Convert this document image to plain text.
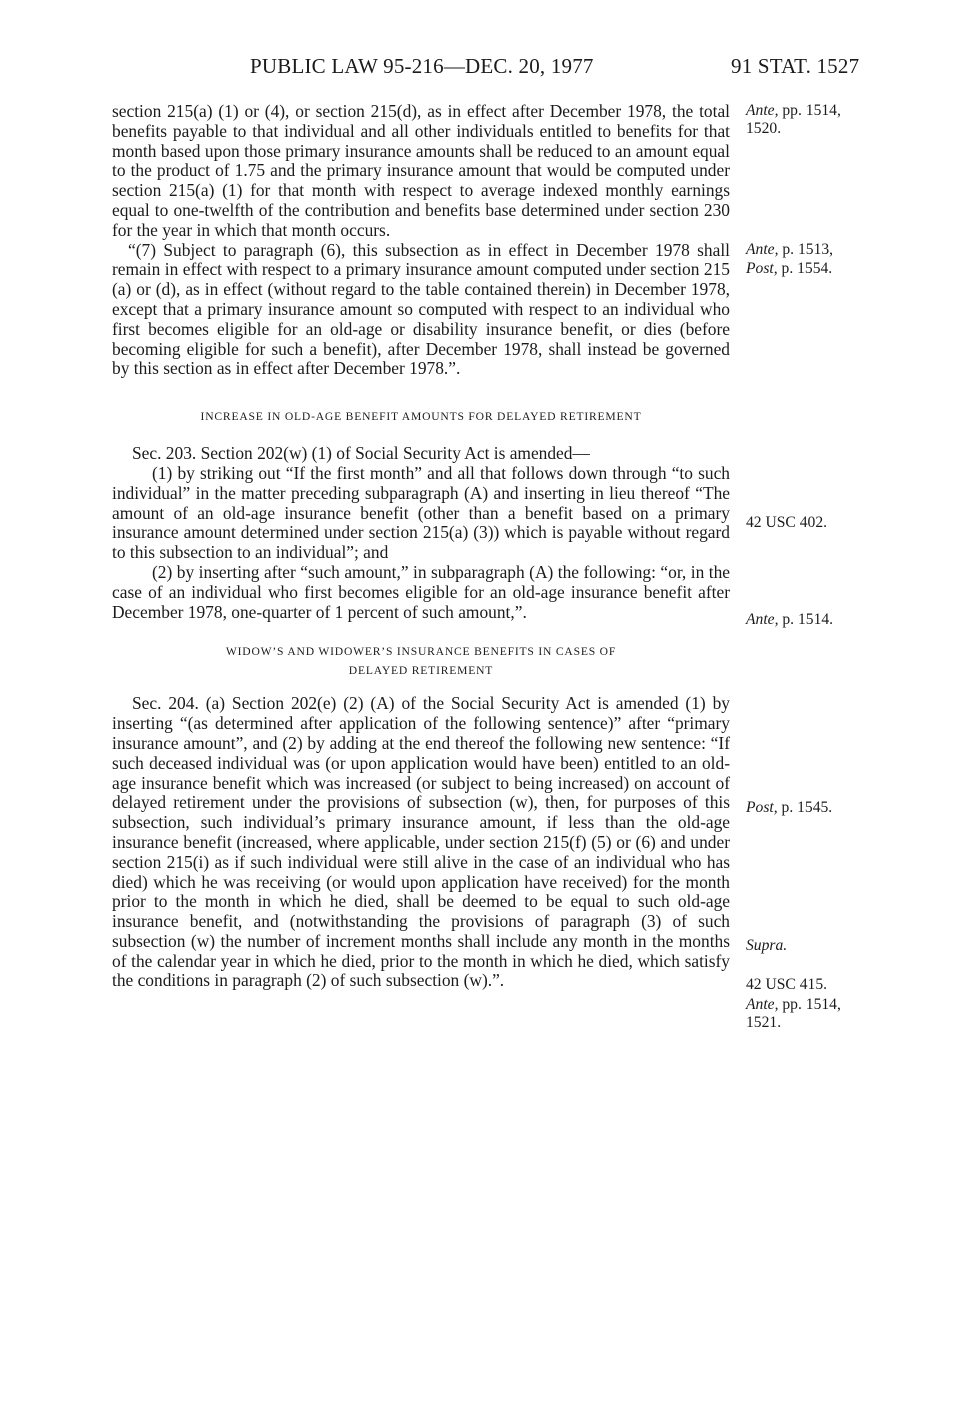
PUBLIC LAW 95-216—DEC. 20, 1977	91 STAT. 1527

section 215(a) (1) or (4), or section 215(d), as in effect after December 1978, the total benefits payable to that individual and all other individuals entitled to benefits for that month based upon those primary insurance amounts shall be reduced to an amount equal to the product of 1.75 and the primary insurance amount that would be computed under section 215(a) (1) for that month with respect to average indexed monthly earnings equal to one-twelfth of the contribution and benefits base determined under section 230 for the year in which that month occurs.

“(7) Subject to paragraph (6), this subsection as in effect in December 1978 shall remain in effect with respect to a primary insurance amount computed under section 215 (a) or (d), as in effect (without regard to the table contained therein) in December 1978, except that a primary insurance amount so computed with respect to an individual who first becomes eligible for an old-age or disability insurance benefit, or dies (before becoming eligible for such a benefit), after December 1978, shall instead be governed by this section as in effect after December 1978.”.

INCREASE IN OLD-AGE BENEFIT AMOUNTS FOR DELAYED RETIREMENT

Sec. 203. Section 202(w) (1) of Social Security Act is amended—

(1) by striking out “If the first month” and all that follows down through “to such individual” in the matter preceding subparagraph (A) and inserting in lieu thereof “The amount of an old-age insurance benefit (other than a benefit based on a primary insurance amount determined under section 215(a) (3)) which is payable without regard to this subsection to an individual”; and

(2) by inserting after “such amount,” in subparagraph (A) the following: “or, in the case of an individual who first becomes eligible for an old-age insurance benefit after December 1978, one-quarter of 1 percent of such amount,”.

WIDOW’S AND WIDOWER’S INSURANCE BENEFITS IN CASES OF
DELAYED RETIREMENT

Sec. 204. (a) Section 202(e) (2) (A) of the Social Security Act is amended (1) by inserting “(as determined after application of the following sentence)” after “primary insurance amount”, and (2) by adding at the end thereof the following new sentence: “If such deceased individual was (or upon application would have been) entitled to an old-age insurance benefit which was increased (or subject to being increased) on account of delayed retirement under the provisions of subsection (w), then, for purposes of this subsection, such individual’s primary insurance amount, if less than the old-age insurance benefit (increased, where applicable, under section 215(f) (5) or (6) and under section 215(i) as if such individual were still alive in the case of an individual who has died) which he was receiving (or would upon application have received) for the month prior to the month in which he died, shall be deemed to be equal to such old-age insurance benefit, and (notwithstanding the provisions of paragraph (3) of such subsection (w) the number of increment months shall include any month in the months of the calendar year in which he died, prior to the month in which he died, which satisfy the conditions in paragraph (2) of such subsection (w).”.

Ante, pp. 1514,
1520.
Ante, p. 1513,
Post, p. 1554.
42 USC 402.
Ante, p. 1514.
Post, p. 1545.
Supra.
42 USC 415.
Ante, pp. 1514,
1521.
